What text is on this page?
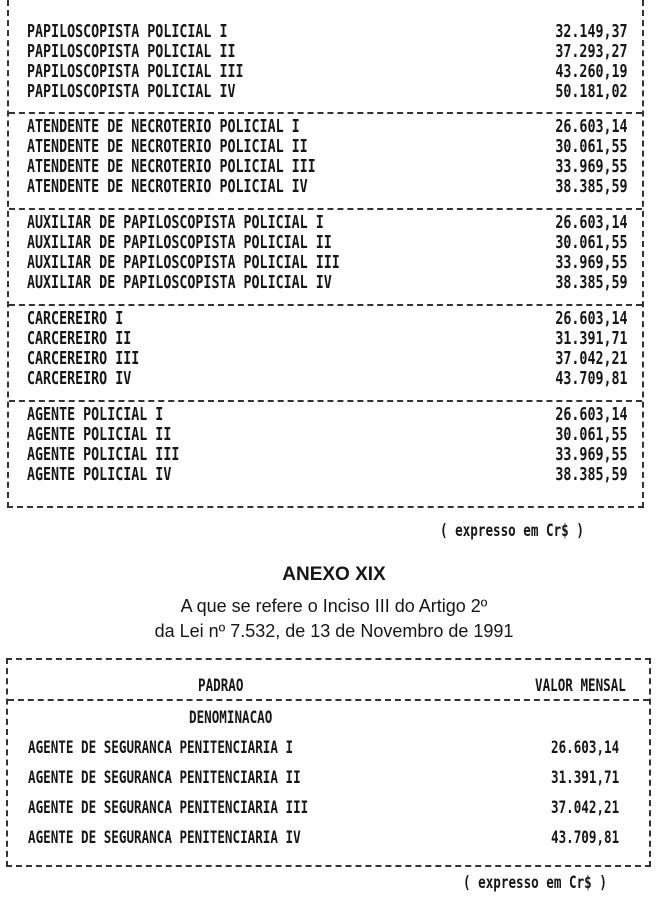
PAPILOSCOPISTA POLICIAL I	32.149,37
PAPILOSCOPISTA POLICIAL II	37.293,27
PAPILOSCOPISTA POLICIAL III	43.260,19
PAPILOSCOPISTA POLICIAL IV	50.181,02
ATENDENTE DE NECROTERIO POLICIAL I	26.603,14
ATENDENTE DE NECROTERIO POLICIAL II	30.061,55
ATENDENTE DE NECROTERIO POLICIAL III	33.969,55
ATENDENTE DE NECROTERIO POLICIAL IV	38.385,59
AUXILIAR DE PAPILOSCOPISTA POLICIAL I	26.603,14
AUXILIAR DE PAPILOSCOPISTA POLICIAL II	30.061,55
AUXILIAR DE PAPILOSCOPISTA POLICIAL III	33.969,55
AUXILIAR DE PAPILOSCOPISTA POLICIAL IV	38.385,59
CARCEREIRO I	26.603,14
CARCEREIRO II	31.391,71
CARCEREIRO III	37.042,21
CARCEREIRO IV	43.709,81
AGENTE POLICIAL I	26.603,14
AGENTE POLICIAL II	30.061,55
AGENTE POLICIAL III	33.969,55
AGENTE POLICIAL IV	38.385,59
( expresso em Cr$ )
ANEXO XIX
A que se refere o Inciso III do Artigo 2º
da Lei nº 7.532, de 13 de Novembro de 1991
PADRAO	VALOR MENSAL
DENOMINACAO
AGENTE DE SEGURANCA PENITENCIARIA I	26.603,14
AGENTE DE SEGURANCA PENITENCIARIA II	31.391,71
AGENTE DE SEGURANCA PENITENCIARIA III	37.042,21
AGENTE DE SEGURANCA PENITENCIARIA IV	43.709,81
( expresso em Cr$ )
